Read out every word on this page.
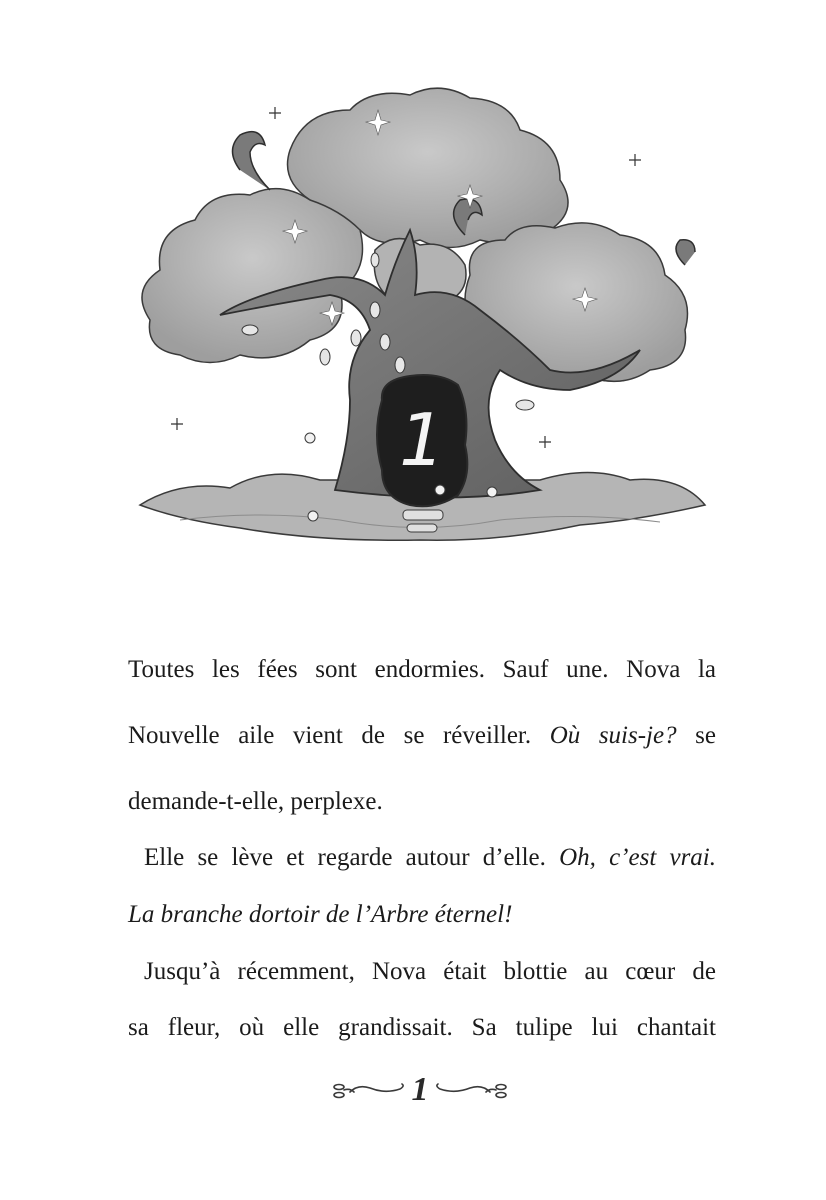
1
Toutes les fées sont endormies. Sauf une. Nova la
Nouvelle aile vient de se réveiller. Où suis-je? se
demande-t-elle, perplexe.
Elle se lève et regarde autour d’elle. Oh, c’est vrai.
La branche dortoir de l’Arbre éternel!
Jusqu’à récemment, Nova était blottie au cœur de
sa fleur, où elle grandissait. Sa tulipe lui chantait
1
